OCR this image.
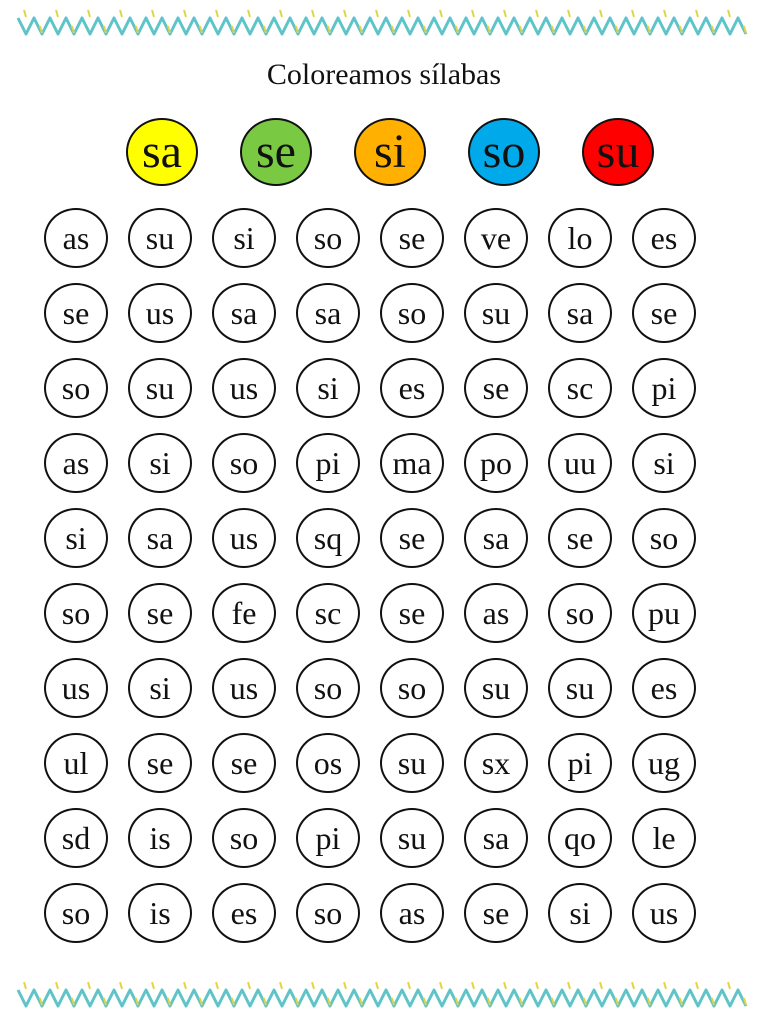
Coloreamos sílabas
sa	se	si	so	su
as	su	si	so	se	ve	lo	es
se	us	sa	sa	so	su	sa	se
so	su	us	si	es	se	sc	pi
as	si	so	pi	ma	po	uu	si
si	sa	us	sq	se	sa	se	so
so	se	fe	sc	se	as	so	pu
us	si	us	so	so	su	su	es
ul	se	se	os	su	sx	pi	ug
sd	is	so	pi	su	sa	qo	le
so	is	es	so	as	se	si	us
